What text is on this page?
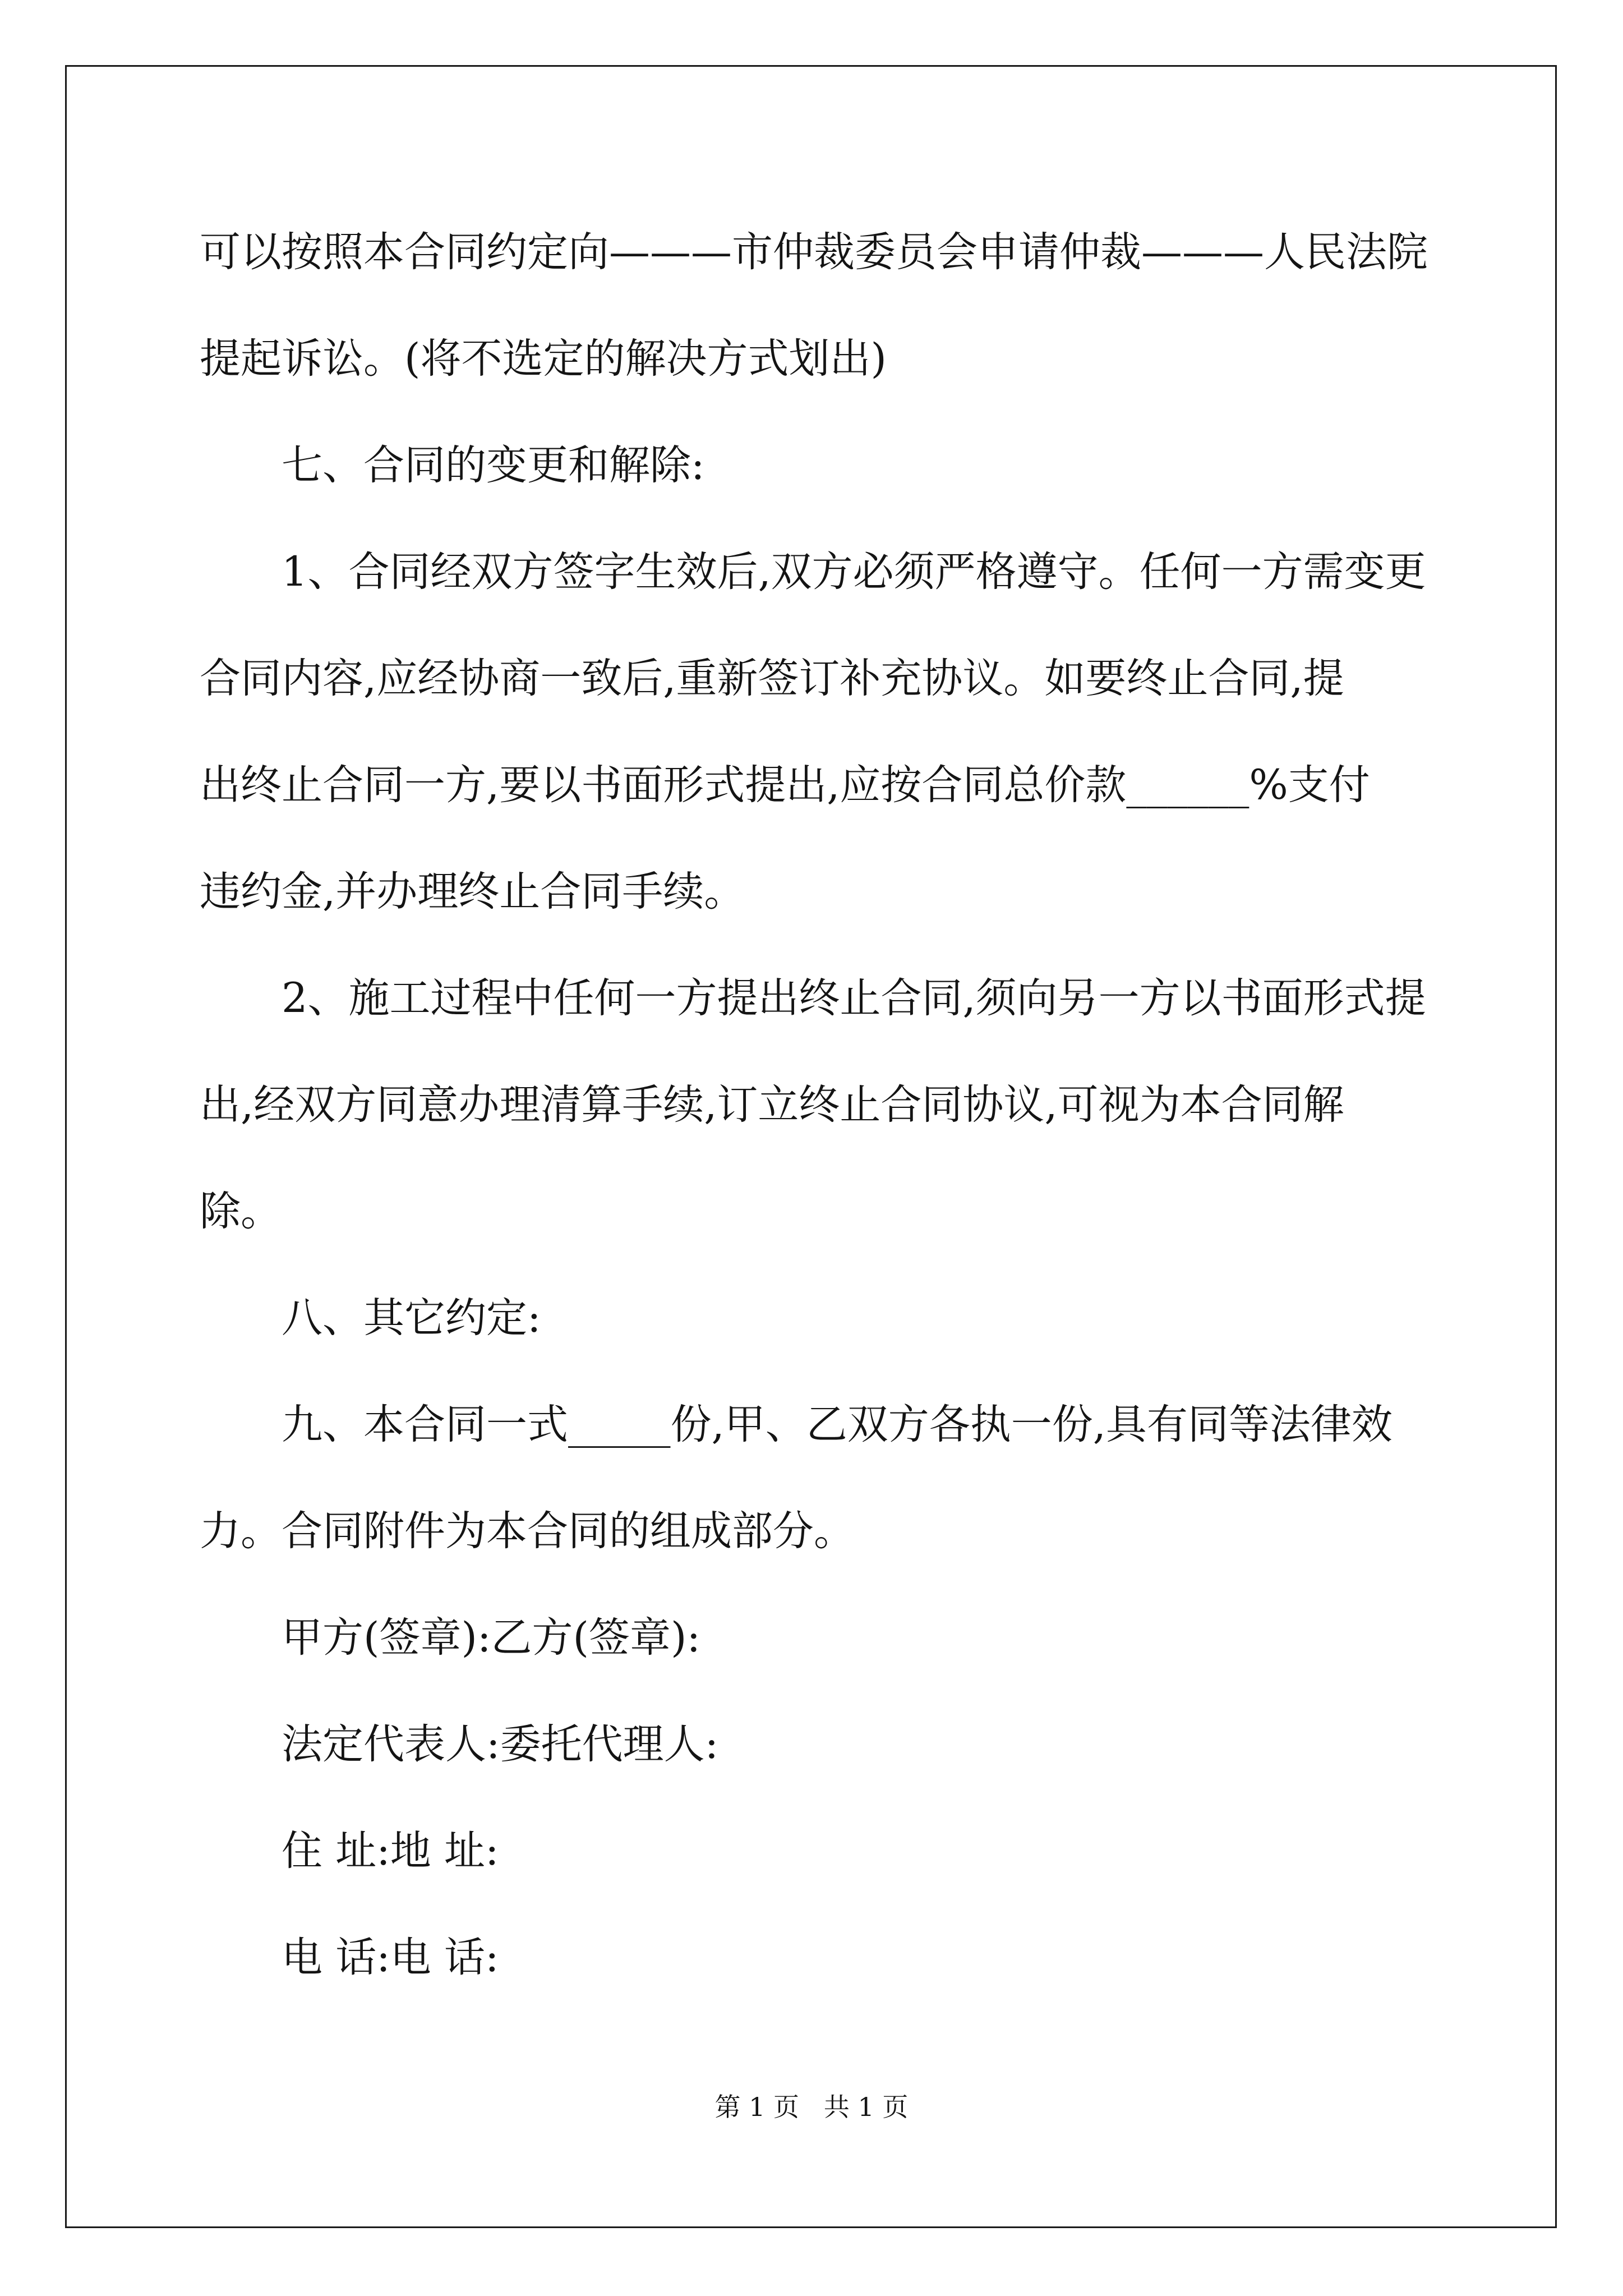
可以按照本合同约定向———市仲裁委员会申请仲裁———人民法院
提起诉讼。(将不选定的解决方式划出)
七、合同的变更和解除:
1、合同经双方签字生效后,双方必须严格遵守。任何一方需变更
合同内容,应经协商一致后,重新签订补充协议。如要终止合同,提
出终止合同一方,要以书面形式提出,应按合同总价款______%支付
违约金,并办理终止合同手续。
2、施工过程中任何一方提出终止合同,须向另一方以书面形式提
出,经双方同意办理清算手续,订立终止合同协议,可视为本合同解
除。
八、其它约定:
九、本合同一式_____份,甲、乙双方各执一份,具有同等法律效
力。合同附件为本合同的组成部分。
甲方(签章):乙方(签章):
法定代表人:委托代理人:
住 址:地 址:
电 话:电 话:
第 1 页   共 1 页
